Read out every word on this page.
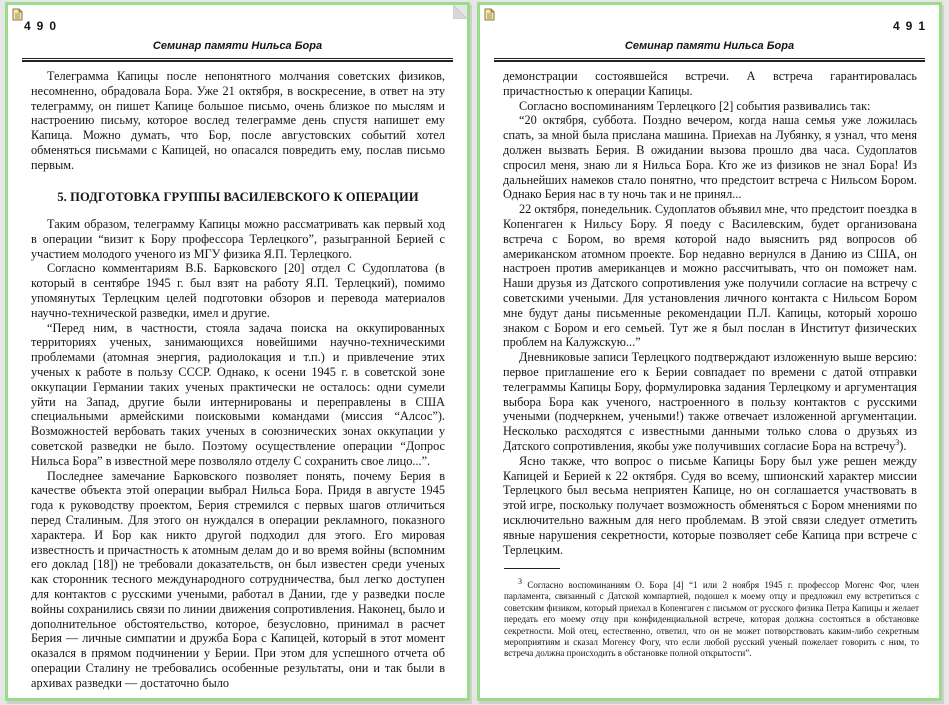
490
Семинар памяти Нильса Бора

Телеграмма Капицы после непонятного молчания советских физиков, несомненно, обрадовала Бора. Уже 21 октября, в воскресение, в ответ на эту телеграмму, он пишет Капице большое письмо, очень близкое по мыслям и настроению письму, которое вослед телеграмме день спустя напишет ему Капица. Можно думать, что Бор, после августовских событий хотел обменяться письмами с Капицей, но опасался повредить ему, послав письмо первым.

5. ПОДГОТОВКА ГРУППЫ ВАСИЛЕВСКОГО К ОПЕРАЦИИ

Таким образом, телеграмму Капицы можно рассматривать как первый ход в операции “визит к Бору профессора Терлецкого”, разыгранной Берией с участием молодого ученого из МГУ физика Я.П. Терлецкого.

Согласно комментариям В.Б. Барковского [20] отдел С Судоплатова (в который в сентябре 1945 г. был взят на работу Я.П. Терлецкий), помимо упомянутых Терлецким целей подготовки обзоров и перевода материалов научно-технической разведки, имел и другие.

“Перед ним, в частности, стояла задача поиска на оккупированных территориях ученых, занимающихся новейшими научно-техническими проблемами (атомная энергия, радиолокация и т.п.) и привлечение этих ученых к работе в пользу СССР. Однако, к осени 1945 г. в советской зоне оккупации Германии таких ученых практически не осталось: одни сумели уйти на Запад, другие были интернированы и переправлены в США специальными армейскими поисковыми командами (миссия “Алсос”). Возможностей вербовать таких ученых в союзнических зонах оккупации у советской разведки не было. Поэтому осуществление операции “Допрос Нильса Бора” в известной мере позволяло отделу С сохранить свое лицо...”.

Последнее замечание Барковского позволяет понять, почему Берия в качестве объекта этой операции выбрал Нильса Бора. Придя в августе 1945 года к руководству проектом, Берия стремился с первых шагов отличиться перед Сталиным. Для этого он нуждался в операции рекламного, показного характера. И Бор как никто другой подходил для этого. Его мировая известность и причастность к атомным делам до и во время войны (вспомним его доклад [18]) не требовали доказательств, он был известен среди ученых как сторонник тесного международного сотрудничества, был легко доступен для контактов с русскими учеными, работал в Дании, где у разведки после войны сохранились связи по линии движения сопротивления. Наконец, было и дополнительное обстоятельство, которое, безусловно, принимал в расчет Берия — личные симпатии и дружба Бора с Капицей, который в этот момент оказался в прямом подчинении у Берии. При этом для успешного отчета об операции Сталину не требовались особенные результаты, они и так были в архивах разведки — достаточно было

491
Семинар памяти Нильса Бора

демонстрации состоявшейся встречи. А встреча гарантировалась причастностью к операции Капицы.

Согласно воспоминаниям Терлецкого [2] события развивались так:

“20 октября, суббота. Поздно вечером, когда наша семья уже ложилась спать, за мной была прислана машина. Приехав на Лубянку, я узнал, что меня должен вызвать Берия. В ожидании вызова прошло два часа. Судоплатов спросил меня, знаю ли я Нильса Бора. Кто же из физиков не знал Бора! Из дальнейших намеков стало понятно, что предстоит встреча с Нильсом Бором. Однако Берия нас в ту ночь так и не принял...

22 октября, понедельник. Судоплатов объявил мне, что предстоит поездка в Копенгаген к Нильсу Бору. Я поеду с Василевским, будет организована встреча с Бором, во время которой надо выяснить ряд вопросов об американском атомном проекте. Бор недавно вернулся в Данию из США, он настроен против американцев и можно рассчитывать, что он поможет нам. Наши друзья из Датского сопротивления уже получили согласие на встречу с советскими учеными. Для установления личного контакта с Нильсом Бором мне будут даны письменные рекомендации П.Л. Капицы, который хорошо знаком с Бором и его семьей. Тут же я был послан в Институт физических проблем на Калужскую...”

Дневниковые записи Терлецкого подтверждают изложенную выше версию: первое приглашение его к Берии совпадает по времени с датой отправки телеграммы Капицы Бору, формулировка задания Терлецкому и аргументация выбора Бора как ученого, настроенного в пользу контактов с русскими учеными (подчеркнем, учеными!) также отвечает изложенной аргументации. Несколько расходятся с известными данными только слова о друзьях из Датского сопротивления, якобы уже получивших согласие Бора на встречу$^3$).

Ясно также, что вопрос о письме Капицы Бору был уже решен между Капицей и Берией к 22 октября. Судя во всему, шпионский характер миссии Терлецкого был весьма неприятен Капице, но он соглашается участвовать в этой игре, поскольку получает возможность обменяться с Бором мнениями по исключительно важным для него проблемам. В этой связи следует отметить явные нарушения секретности, которые позволяет себе Капица при встрече с Терлецким.

$^3$ Согласно воспоминаниям О. Бора [4] “1 или 2 ноября 1945 г. профессор Могенс Фог, член парламента, связанный с Датской компартией, подошел к моему отцу и предложил ему встретиться с советским физиком, который приехал в Копенгаген с письмом от русского физика Петра Капицы и желает передать его моему отцу при конфиденциальной встрече, которая должна состояться в обстановке секретности. Мой отец, естественно, ответил, что он не может потворствовать каким-либо секретным мероприятиям и сказал Могенсу Фогу, что если любой русский ученый пожелает говорить с ним, то встреча должна происходить в обстановке полной открытости”.
